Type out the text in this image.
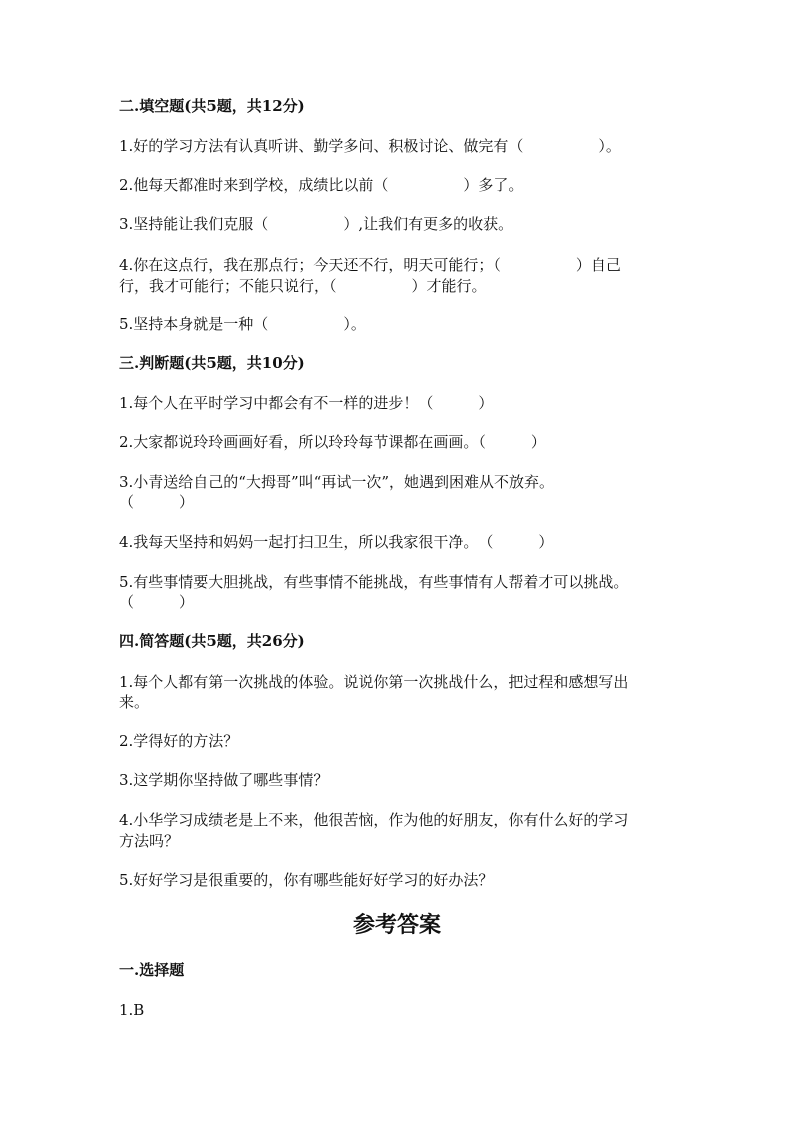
二.填空题(共5题，共12分)
1.好的学习方法有认真听讲、勤学多问、积极讨论、做完有（　　　　　）。
2.他每天都准时来到学校，成绩比以前（　　　　　）多了。
3.坚持能让我们克服（　　　　　）,让我们有更多的收获。
4.你在这点行，我在那点行；今天还不行，明天可能行；（　　　　　）自己
行，我才可能行；不能只说行，（　　　　　）才能行。
5.坚持本身就是一种（　　　　　）。
三.判断题(共5题，共10分)
1.每个人在平时学习中都会有不一样的进步！（　　　）
2.大家都说玲玲画画好看，所以玲玲每节课都在画画。（　　　）
3.小青送给自己的“大拇哥”叫“再试一次”，她遇到困难从不放弃。
（　　　）
4.我每天坚持和妈妈一起打扫卫生，所以我家很干净。　（　　　）
5.有些事情要大胆挑战，有些事情不能挑战，有些事情有人帮着才可以挑战。
（　　　）
四.简答题(共5题，共26分)
1.每个人都有第一次挑战的体验。说说你第一次挑战什么，把过程和感想写出
来。
2.学得好的方法？
3.这学期你坚持做了哪些事情？
4.小华学习成绩老是上不来，他很苦恼，作为他的好朋友，你有什么好的学习
方法吗？
5.好好学习是很重要的，你有哪些能好好学习的好办法？
参考答案
一.选择题
1.B
